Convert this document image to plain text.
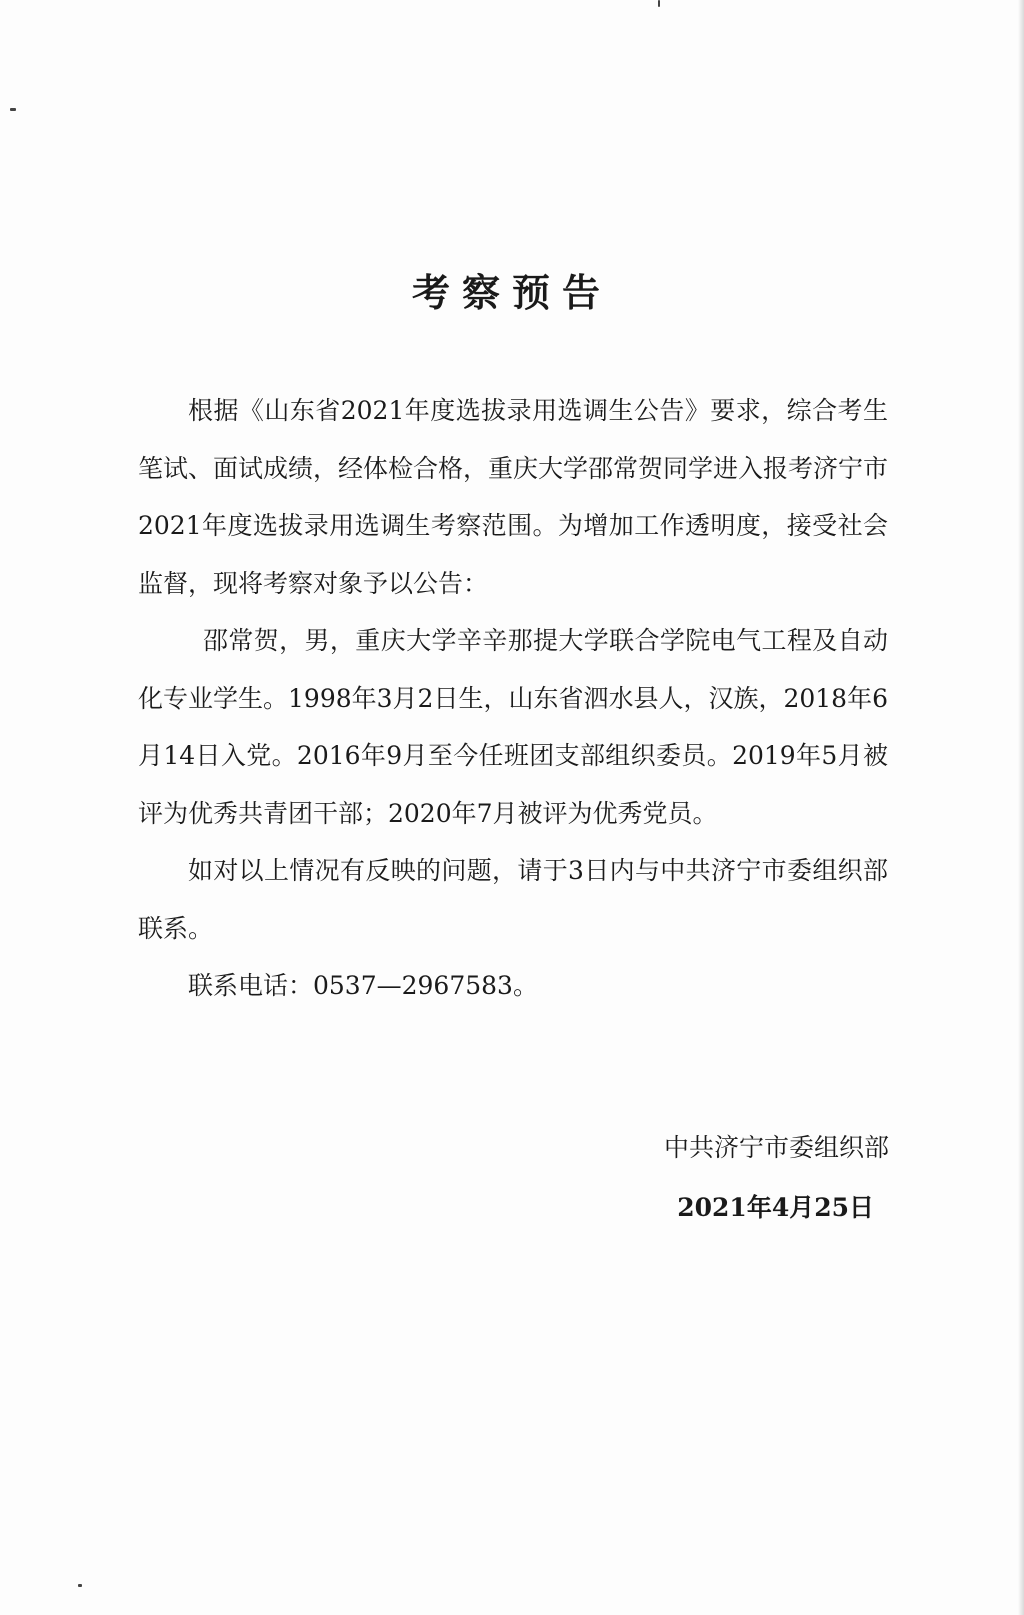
考察预告

根据《山东省2021年度选拔录用选调生公告》要求，综合考生笔试、面试成绩，经体检合格，重庆大学邵常贺同学进入报考济宁市2021年度选拔录用选调生考察范围。为增加工作透明度，接受社会监督，现将考察对象予以公告：

邵常贺，男，重庆大学辛辛那提大学联合学院电气工程及自动化专业学生。1998年3月2日生，山东省泗水县人，汉族，2018年6月14日入党。2016年9月至今任班团支部组织委员。2019年5月被评为优秀共青团干部；2020年7月被评为优秀党员。

如对以上情况有反映的问题，请于3日内与中共济宁市委组织部联系。

联系电话：0537—2967583。

中共济宁市委组织部
2021年4月25日
